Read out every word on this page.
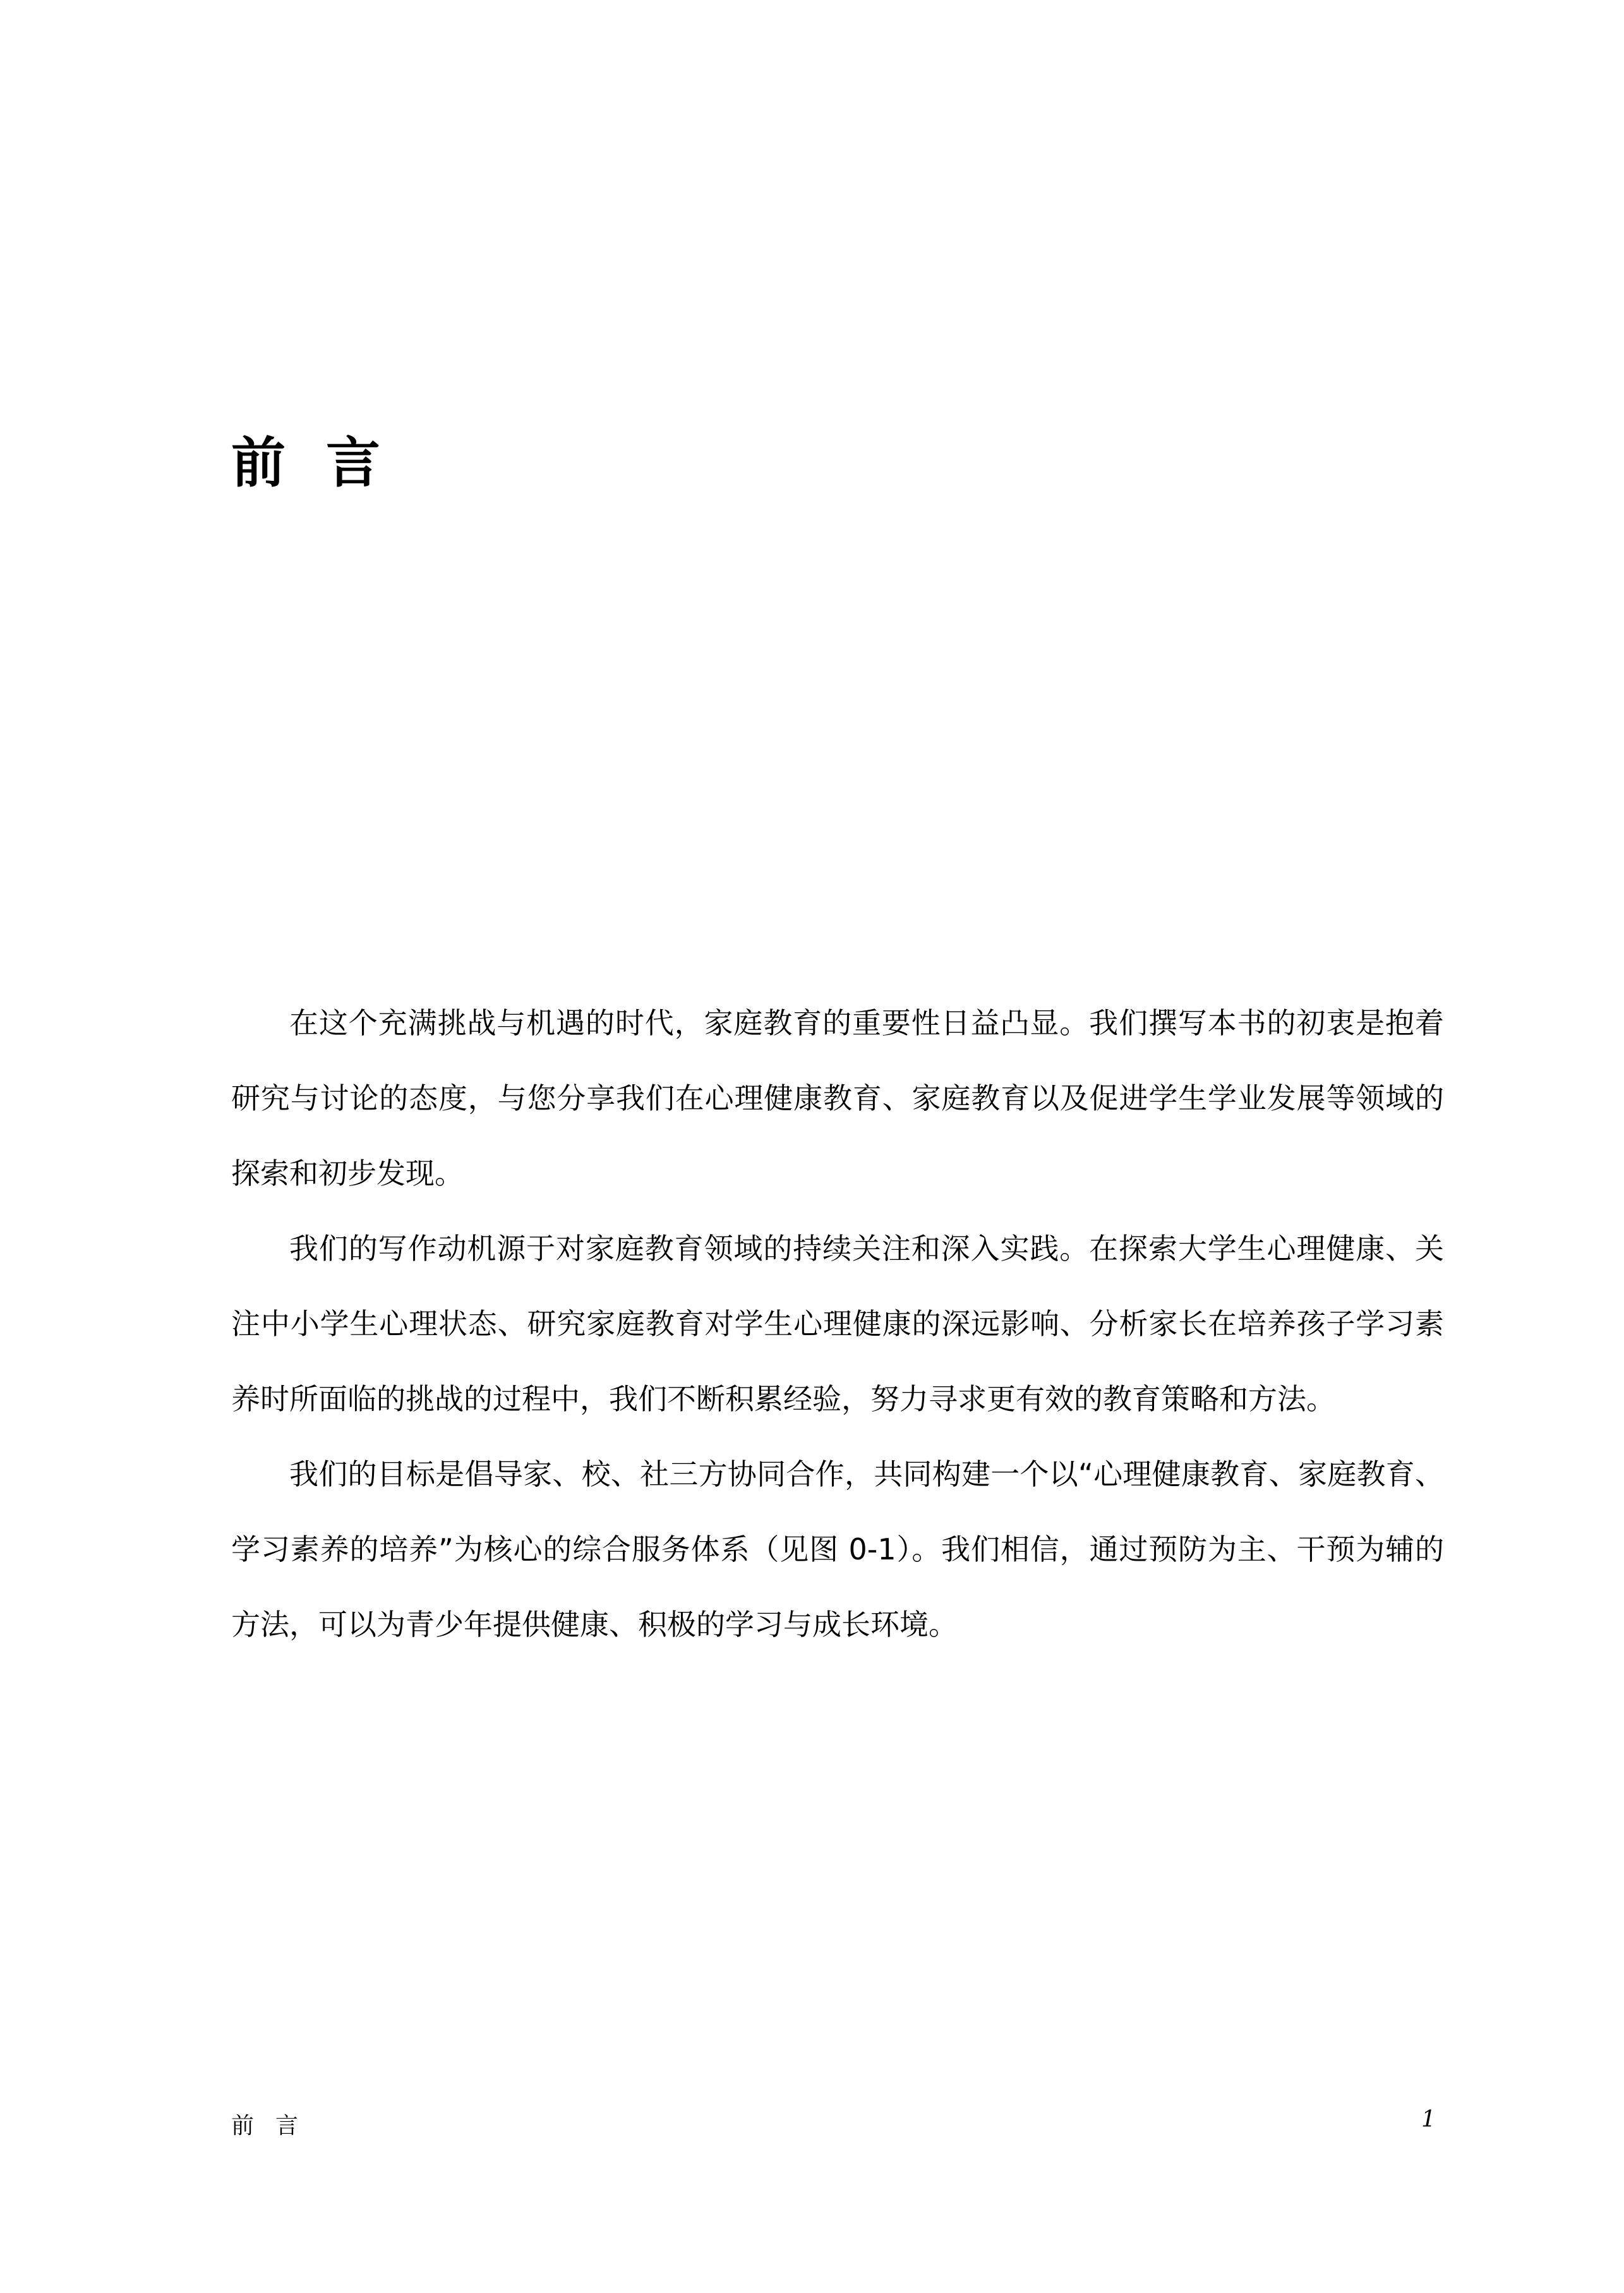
前言

在这个充满挑战与机遇的时代，家庭教育的重要性日益凸显。我们撰写本书的初衷是抱着研究与讨论的态度，与您分享我们在心理健康教育、家庭教育以及促进学生学业发展等领域的探索和初步发现。

我们的写作动机源于对家庭教育领域的持续关注和深入实践。在探索大学生心理健康、关注中小学生心理状态、研究家庭教育对学生心理健康的深远影响、分析家长在培养孩子学习素养时所面临的挑战的过程中，我们不断积累经验，努力寻求更有效的教育策略和方法。

我们的目标是倡导家、校、社三方协同合作，共同构建一个以“心理健康教育、家庭教育、学习素养的培养”为核心的综合服务体系（见图 0-1）。我们相信，通过预防为主、干预为辅的方法，可以为青少年提供健康、积极的学习与成长环境。

前言	1
